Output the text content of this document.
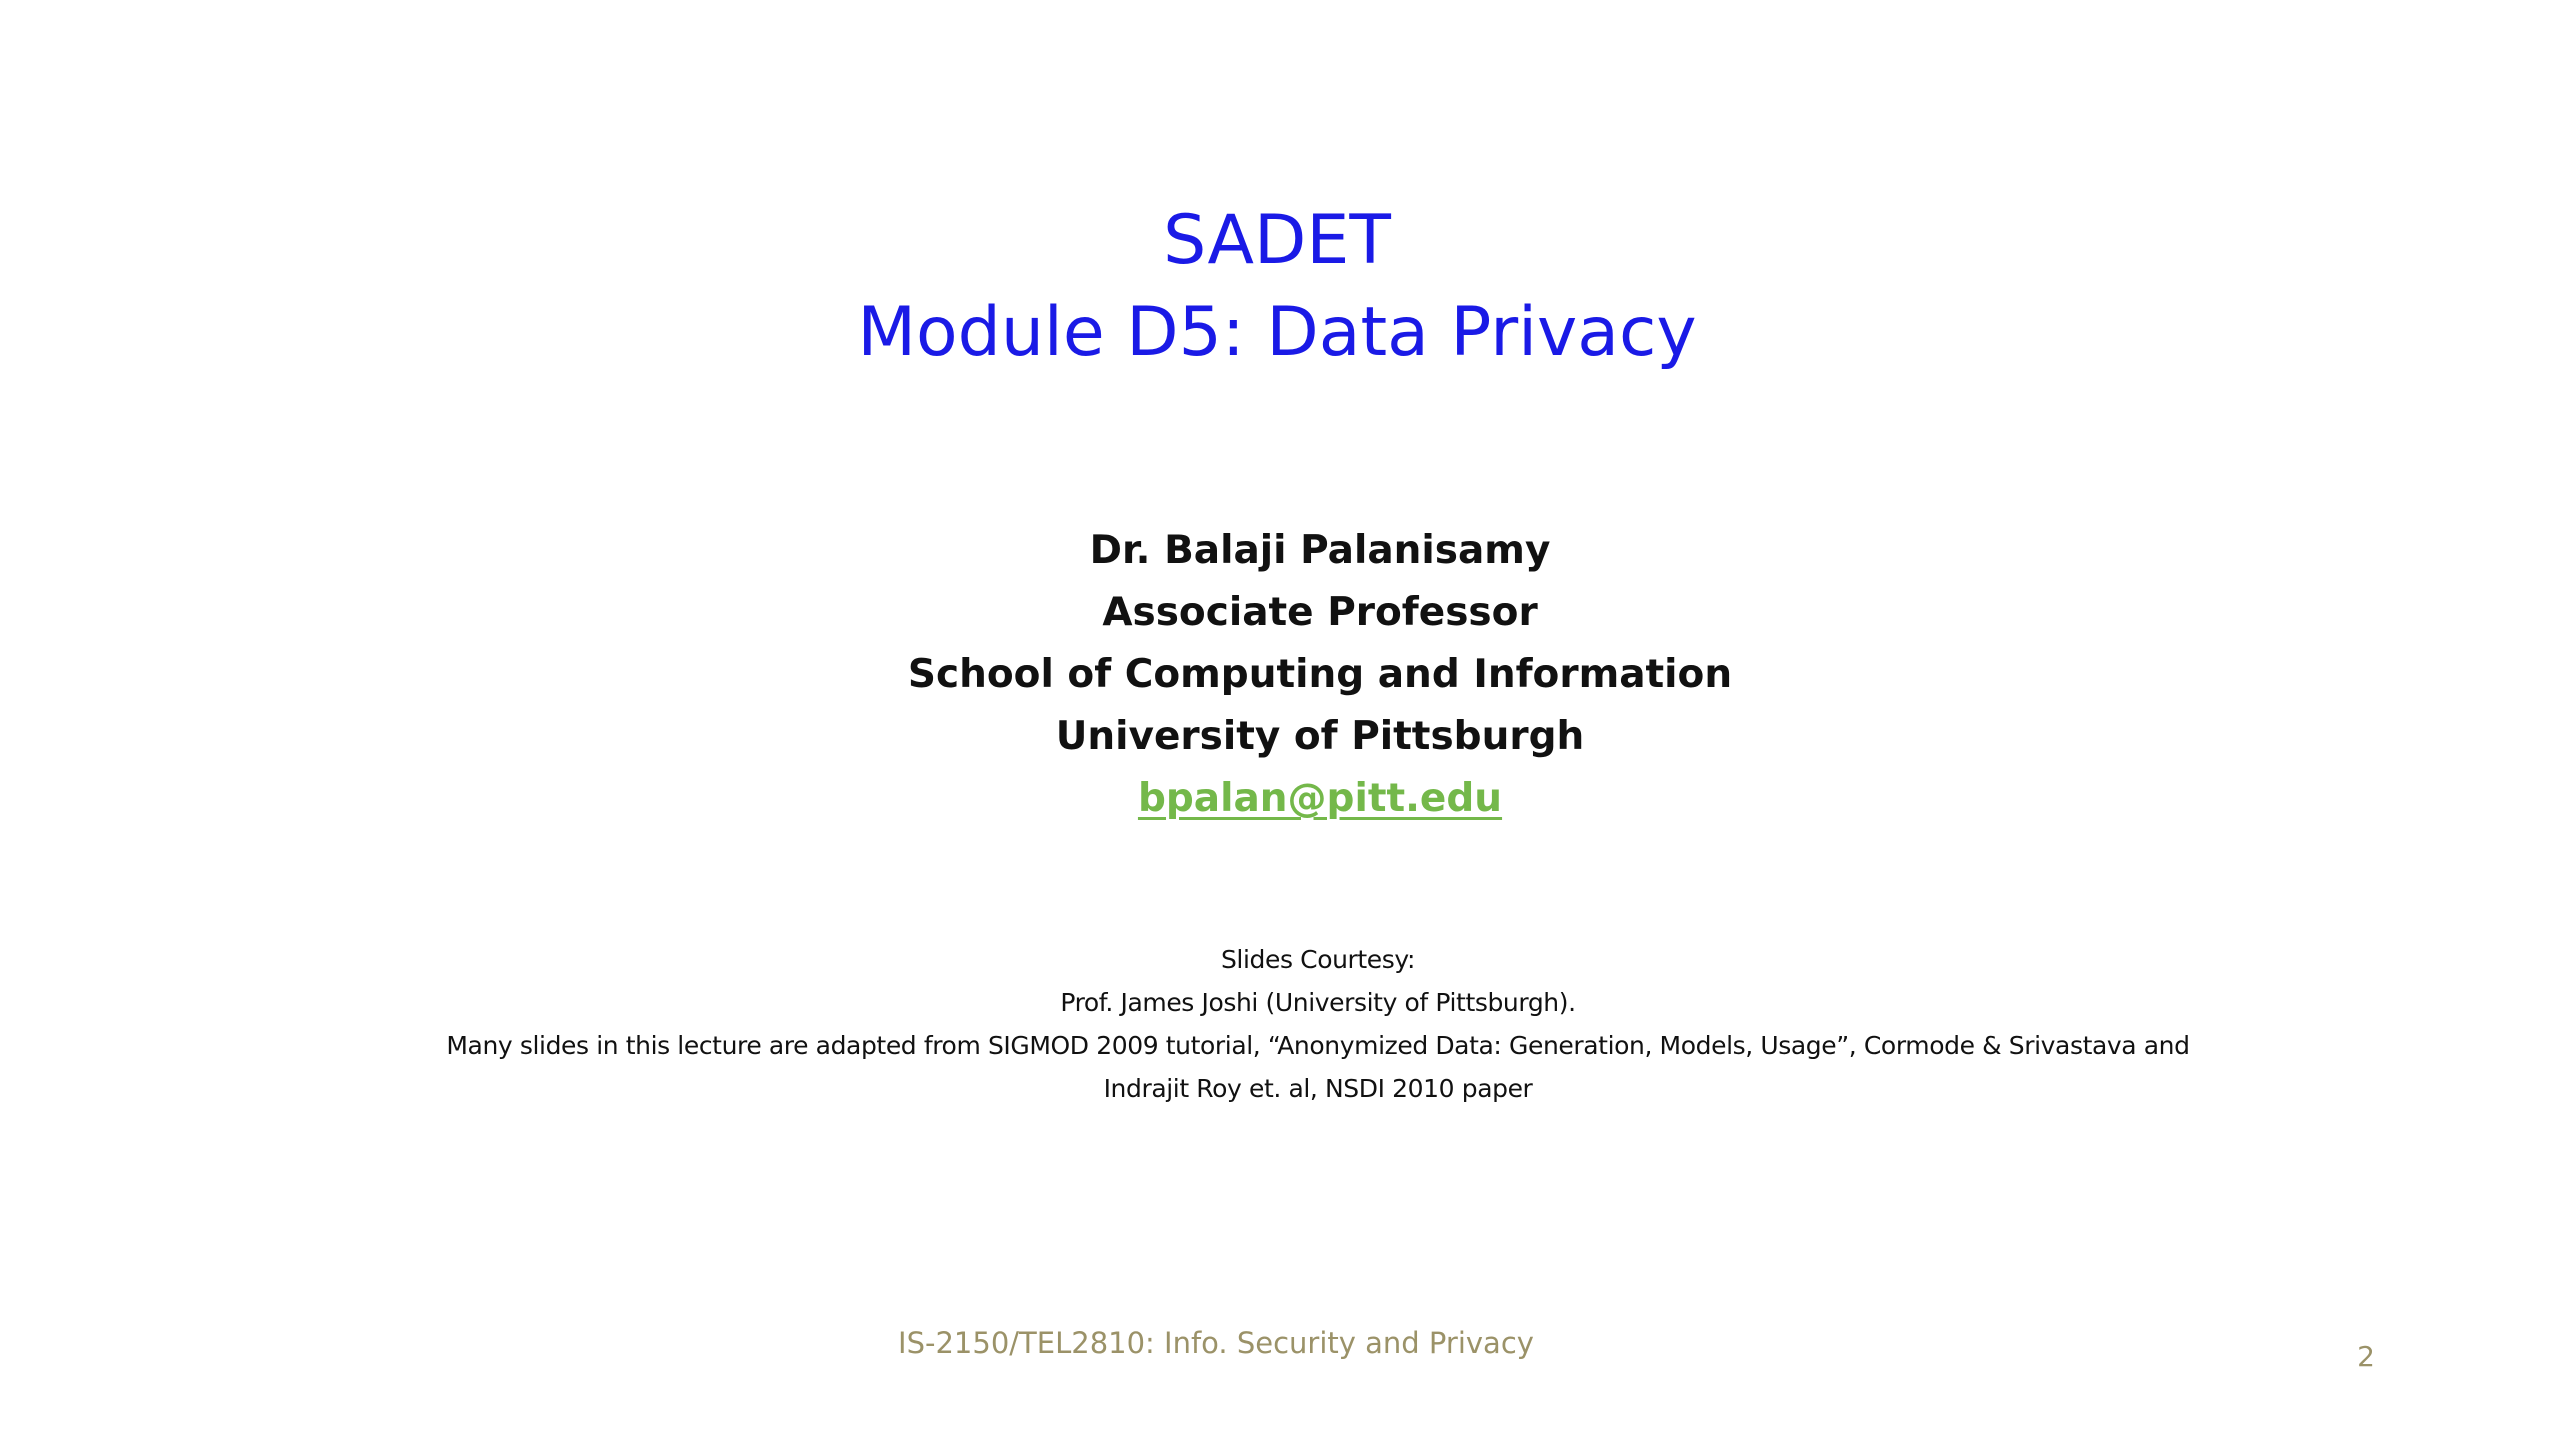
SADET
Module D5: Data Privacy
Dr. Balaji Palanisamy
Associate Professor
School of Computing and Information
University of Pittsburgh
bpalan@pitt.edu
Slides Courtesy:
Prof. James Joshi (University of Pittsburgh).
Many slides in this lecture are adapted from SIGMOD 2009 tutorial, “Anonymized Data: Generation, Models, Usage”, Cormode & Srivastava and
Indrajit Roy et. al, NSDI 2010 paper
IS-2150/TEL2810: Info. Security and Privacy	2
